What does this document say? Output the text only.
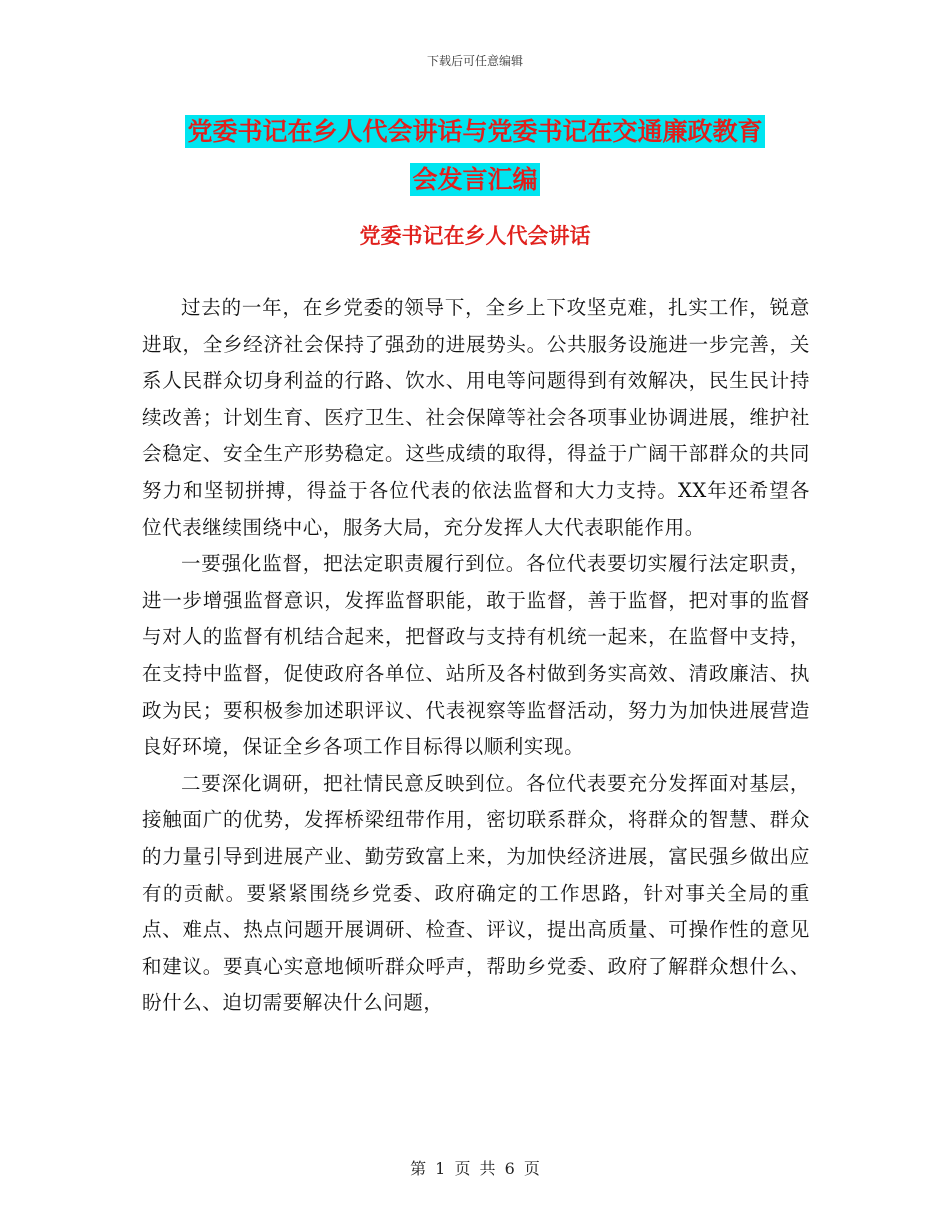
下载后可任意编辑
党委书记在乡人代会讲话与党委书记在交通廉政教育
会发言汇编
党委书记在乡人代会讲话

过去的一年，在乡党委的领导下，全乡上下攻坚克难，扎实工作，锐意进取，全乡经济社会保持了强劲的进展势头。公共服务设施进一步完善，关系人民群众切身利益的行路、饮水、用电等问题得到有效解决，民生民计持续改善；计划生育、医疗卫生、社会保障等社会各项事业协调进展，维护社会稳定、安全生产形势稳定。这些成绩的取得，得益于广阔干部群众的共同努力和坚韧拼搏，得益于各位代表的依法监督和大力支持。XX年还希望各位代表继续围绕中心，服务大局，充分发挥人大代表职能作用。

一要强化监督，把法定职责履行到位。各位代表要切实履行法定职责，进一步增强监督意识，发挥监督职能，敢于监督，善于监督，把对事的监督与对人的监督有机结合起来，把督政与支持有机统一起来，在监督中支持，在支持中监督，促使政府各单位、站所及各村做到务实高效、清政廉洁、执政为民；要积极参加述职评议、代表视察等监督活动，努力为加快进展营造良好环境，保证全乡各项工作目标得以顺利实现。

二要深化调研，把社情民意反映到位。各位代表要充分发挥面对基层，接触面广的优势，发挥桥梁纽带作用，密切联系群众，将群众的智慧、群众的力量引导到进展产业、勤劳致富上来，为加快经济进展，富民强乡做出应有的贡献。要紧紧围绕乡党委、政府确定的工作思路，针对事关全局的重点、难点、热点问题开展调研、检查、评议，提出高质量、可操作性的意见和建议。要真心实意地倾听群众呼声，帮助乡党委、政府了解群众想什么、盼什么、迫切需要解决什么问题，

第 1 页 共 6 页
